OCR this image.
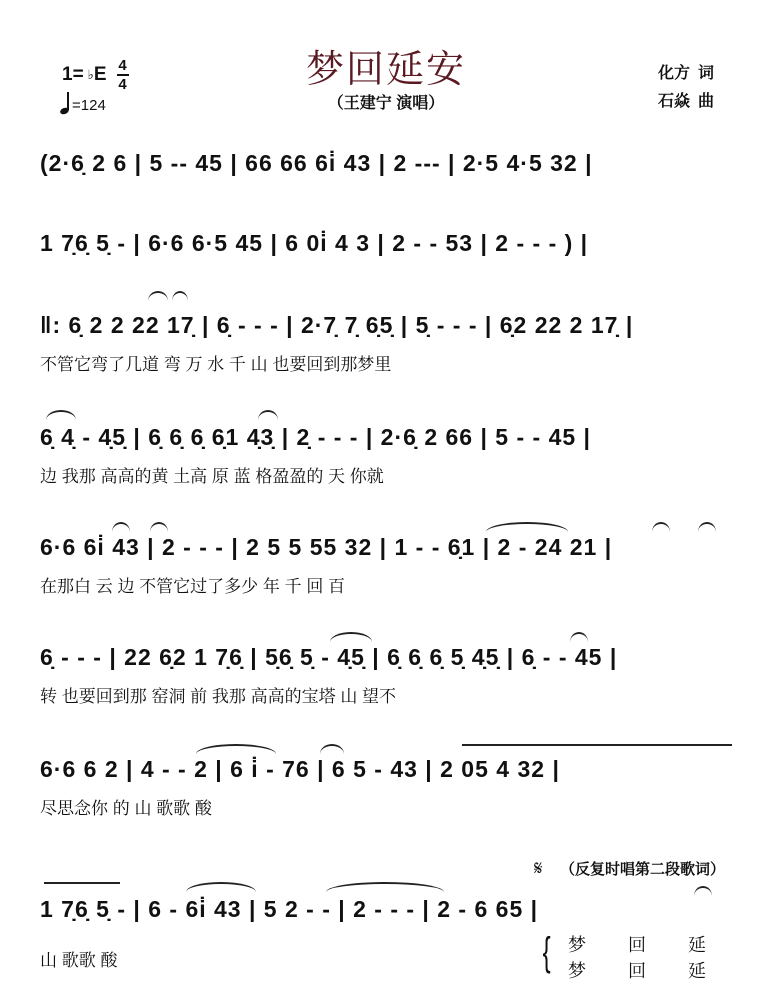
1= ♭ E 4
4
=124
梦回延安
（王建宁 演唱）
化方 词
石焱 曲
(2·6̣ 2 6 | 5 -- 45 | 66 66 6i̇ 43 | 2 --- | 2·5 4·5 32 |
1 7̣6̣ 5̣ - | 6·6 6·5 45 | 6 0i̇ 4 3 | 2 - - 53 | 2 - - - ) |
‖: 6̣ 2 2 22 17̣ | 6̣ - - - | 2·7̣ 7̣ 6̣5̣ | 5̣ - - - | 6̣2 22 2 17̣ |
不管它弯了几道 弯 万 水 千 山 也要回到那梦里
6̣ 4̣ - 4̣5̣ | 6̣ 6̣ 6̣ 6̣1 4̣3̣ | 2̣ - - - | 2·6̣ 2 66 | 5 - - 45 |
边 我那 高高的黄 土高 原 蓝 格盈盈的 天 你就
6·6 6i̇ 43 | 2 - - - | 2 5 5 55 32 | 1 - - 6̣1 | 2 - 24 21 |
在那白 云 边 不管它过了多少 年 千 回 百
6̣ - - - | 22 6̣2 1 7̣6̣ | 5̣6̣ 5̣ - 4̣5̣ | 6̣ 6̣ 6̣ 5̣ 4̣5̣ | 6̣ - - 45 |
转 也要回到那 窑洞 前 我那 高高的宝塔 山 望不
6·6 6 2 | 4 - - 2 | 6 i̇ - 76 | 6 5 - 43 | 2 05 4 32 |
尽思念你 的 山 歌歌 酸
1 7̣6̣ 5̣ - | 6 - 6i̇ 43 | 5 2 - - | 2 - - - | 2 - 6 65 |
山 歌歌 酸
𝄋 （反复时唱第二段歌词）
{ 梦 回 延
梦 回 延
